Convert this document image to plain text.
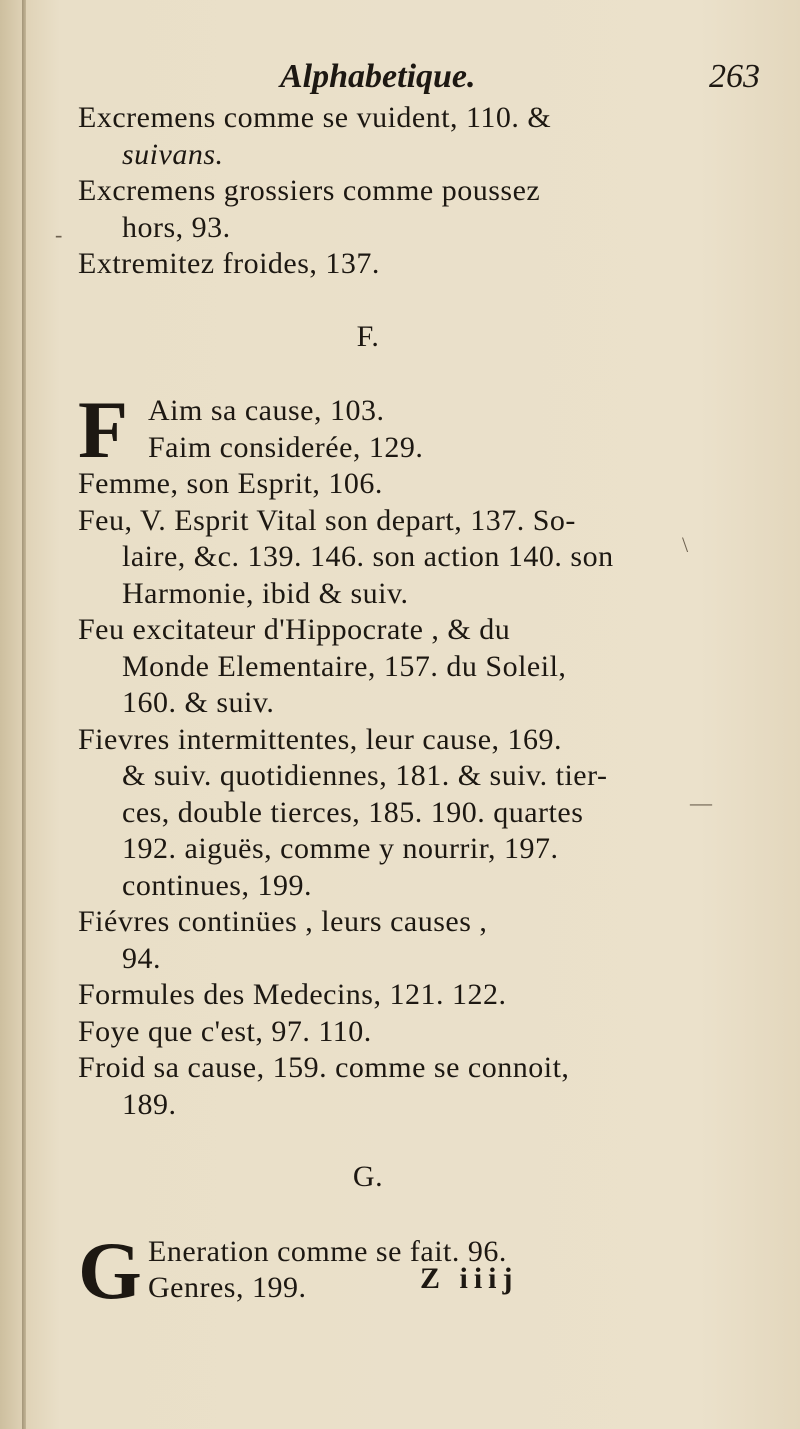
Alphabetique.	263
Excremens comme se vuident, 110. &
suivans.
Excremens grossiers comme poussez
hors, 93.
Extremitez froides, 137.
F.
F Aim sa cause, 103.
Faim considerée, 129.
Femme, son Esprit, 106.
Feu, V. Esprit Vital son depart, 137. So-
laire, &c. 139. 146. son action 140. son
Harmonie, ibid & suiv.
Feu excitateur d'Hippocrate , & du
Monde Elementaire, 157. du Soleil,
160. & suiv.
Fievres intermittentes, leur cause, 169.
& suiv. quotidiennes, 181. & suiv. tier-
ces, double tierces, 185. 190. quartes
192. aiguës, comme y nourrir, 197.
continues, 199.
Fiévres continües , leurs causes ,
94.
Formules des Medecins, 121. 122.
Foye que c'est, 97. 110.
Froid sa cause, 159. comme se connoit,
189.
G.
G Eneration comme se fait. 96.
Genres, 199.	Z iiij
\
—
-
